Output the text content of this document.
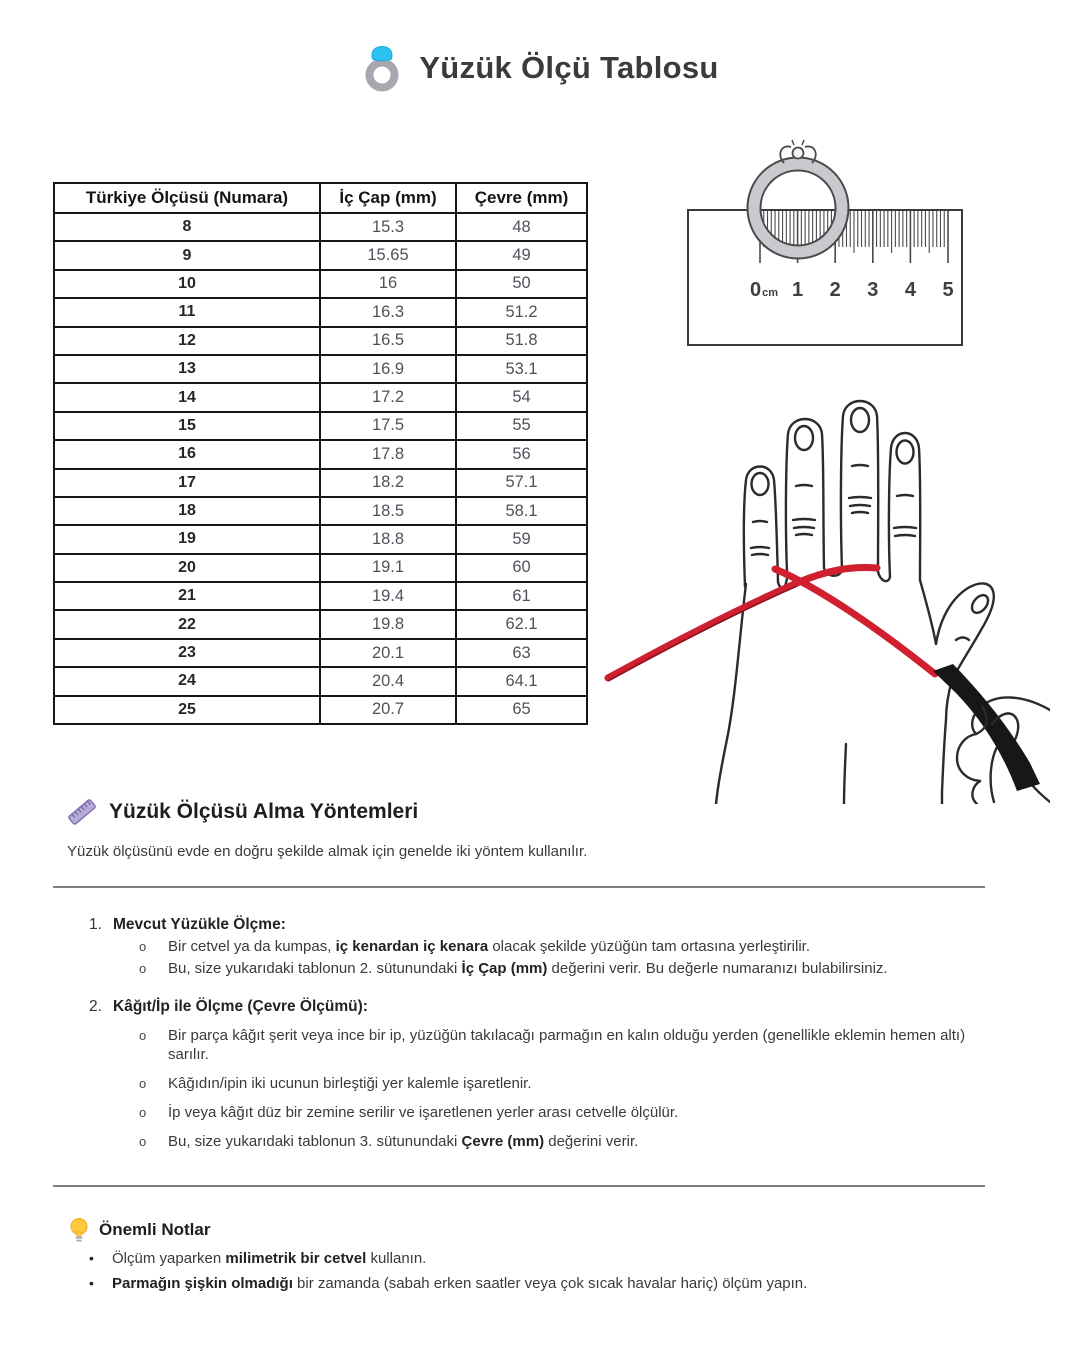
Yüzük Ölçü Tablosu
Türkiye Ölçüsü (Numara)	İç Çap (mm)	Çevre (mm)
8	15.3	48
9	15.65	49
10	16	50
11	16.3	51.2
12	16.5	51.8
13	16.9	53.1
14	17.2	54
15	17.5	55
16	17.8	56
17	18.2	57.1
18	18.5	58.1
19	18.8	59
20	19.1	60
21	19.4	61
22	19.8	62.1
23	20.1	63
24	20.4	64.1
25	20.7	65
0cm 1 2 3 4 5
Yüzük Ölçüsü Alma Yöntemleri

Yüzük ölçüsünü evde en doğru şekilde almak için genelde iki yöntem kullanılır.

1. Mevcut Yüzükle Ölçme:
o Bir cetvel ya da kumpas, iç kenardan iç kenara olacak şekilde yüzüğün tam ortasına yerleştirilir.
o Bu, size yukarıdaki tablonun 2. sütunundaki İç Çap (mm) değerini verir. Bu değerle numaranızı bulabilirsiniz.
2. Kâğıt/İp ile Ölçme (Çevre Ölçümü):
o Bir parça kâğıt şerit veya ince bir ip, yüzüğün takılacağı parmağın en kalın olduğu yerden (genellikle eklemin hemen altı) sarılır.
o Kâğıdın/ipin iki ucunun birleştiği yer kalemle işaretlenir.
o İp veya kâğıt düz bir zemine serilir ve işaretlenen yerler arası cetvelle ölçülür.
o Bu, size yukarıdaki tablonun 3. sütunundaki Çevre (mm) değerini verir.
Önemli Notlar
•	Ölçüm yaparken milimetrik bir cetvel kullanın.
•	Parmağın şişkin olmadığı bir zamanda (sabah erken saatler veya çok sıcak havalar hariç) ölçüm yapın.
